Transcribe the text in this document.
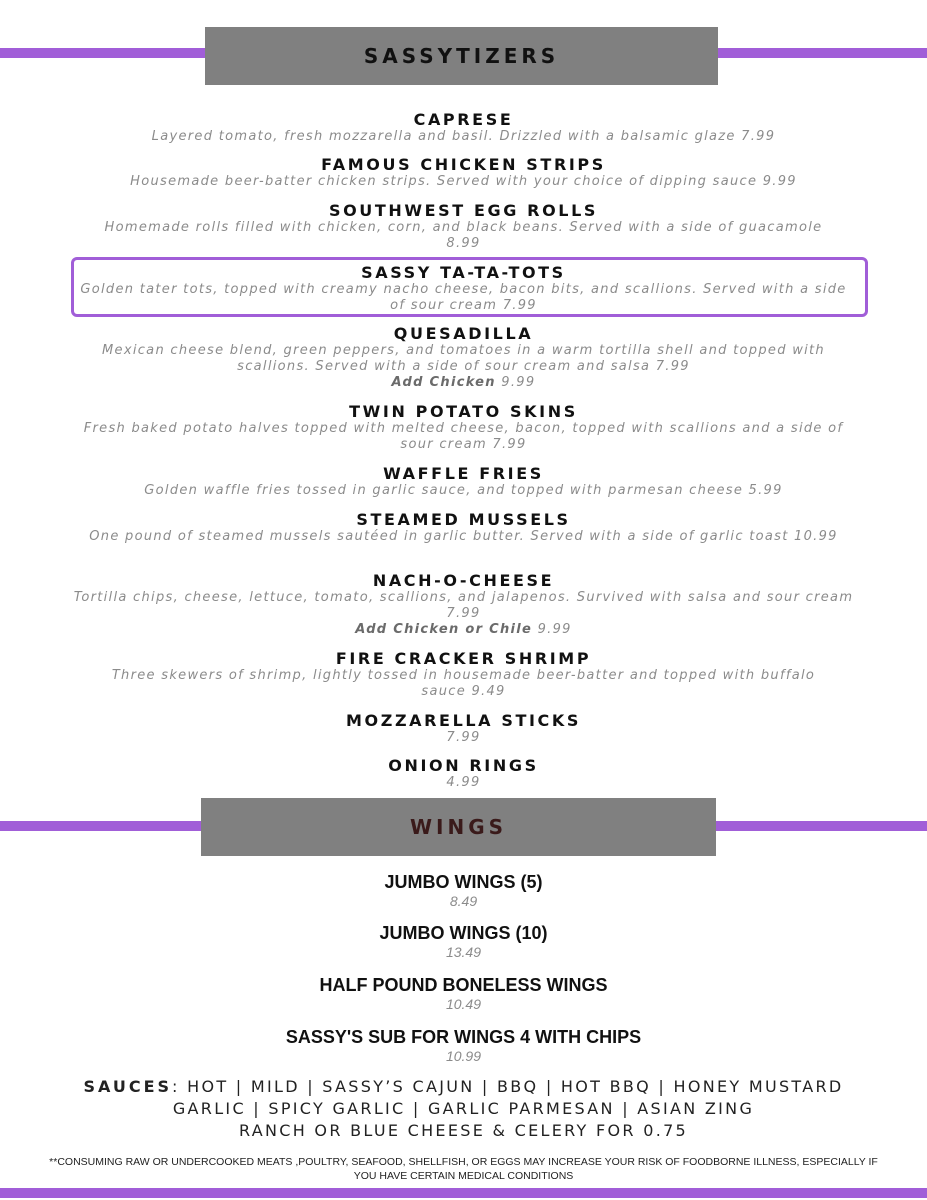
SASSYTIZERS
CAPRESE
Layered tomato, fresh mozzarella and basil. Drizzled with a balsamic glaze 7.99
FAMOUS CHICKEN STRIPS
Housemade beer-batter chicken strips. Served with your choice of dipping sauce 9.99
SOUTHWEST EGG ROLLS
Homemade rolls filled with chicken, corn, and black beans. Served with a side of guacamole 8.99
SASSY TA-TA-TOTS
Golden tater tots, topped with creamy nacho cheese, bacon bits, and scallions. Served with a side of sour cream 7.99
QUESADILLA
Mexican cheese blend, green peppers, and tomatoes in a warm tortilla shell and topped with scallions. Served with a side of sour cream and salsa 7.99
Add Chicken 9.99
TWIN POTATO SKINS
Fresh baked potato halves topped with melted cheese, bacon, topped with scallions and a side of sour cream 7.99
WAFFLE FRIES
Golden waffle fries tossed in garlic sauce, and topped with parmesan cheese 5.99
STEAMED MUSSELS
One pound of steamed mussels sautéed in garlic butter. Served with a side of garlic toast 10.99
NACH-O-CHEESE
Tortilla chips, cheese, lettuce, tomato, scallions, and jalapenos. Survived with salsa and sour cream 7.99
Add Chicken or Chile 9.99
FIRE CRACKER SHRIMP
Three skewers of shrimp, lightly tossed in housemade beer-batter and topped with buffalo sauce 9.49
MOZZARELLA STICKS
7.99
ONION RINGS
4.99
WINGS
JUMBO WINGS (5)
8.49
JUMBO WINGS (10)
13.49
HALF POUND BONELESS WINGS
10.49
SASSY'S SUB FOR WINGS 4 WITH CHIPS
10.99
SAUCES: HOT | MILD | SASSY’S CAJUN | BBQ | HOT BBQ | HONEY MUSTARD
GARLIC | SPICY GARLIC | GARLIC PARMESAN | ASIAN ZING
RANCH OR BLUE CHEESE & CELERY FOR 0.75
**CONSUMING RAW OR UNDERCOOKED MEATS ,POULTRY, SEAFOOD, SHELLFISH, OR EGGS MAY INCREASE YOUR RISK OF FOODBORNE ILLNESS, ESPECIALLY IF
YOU HAVE CERTAIN MEDICAL CONDITIONS
